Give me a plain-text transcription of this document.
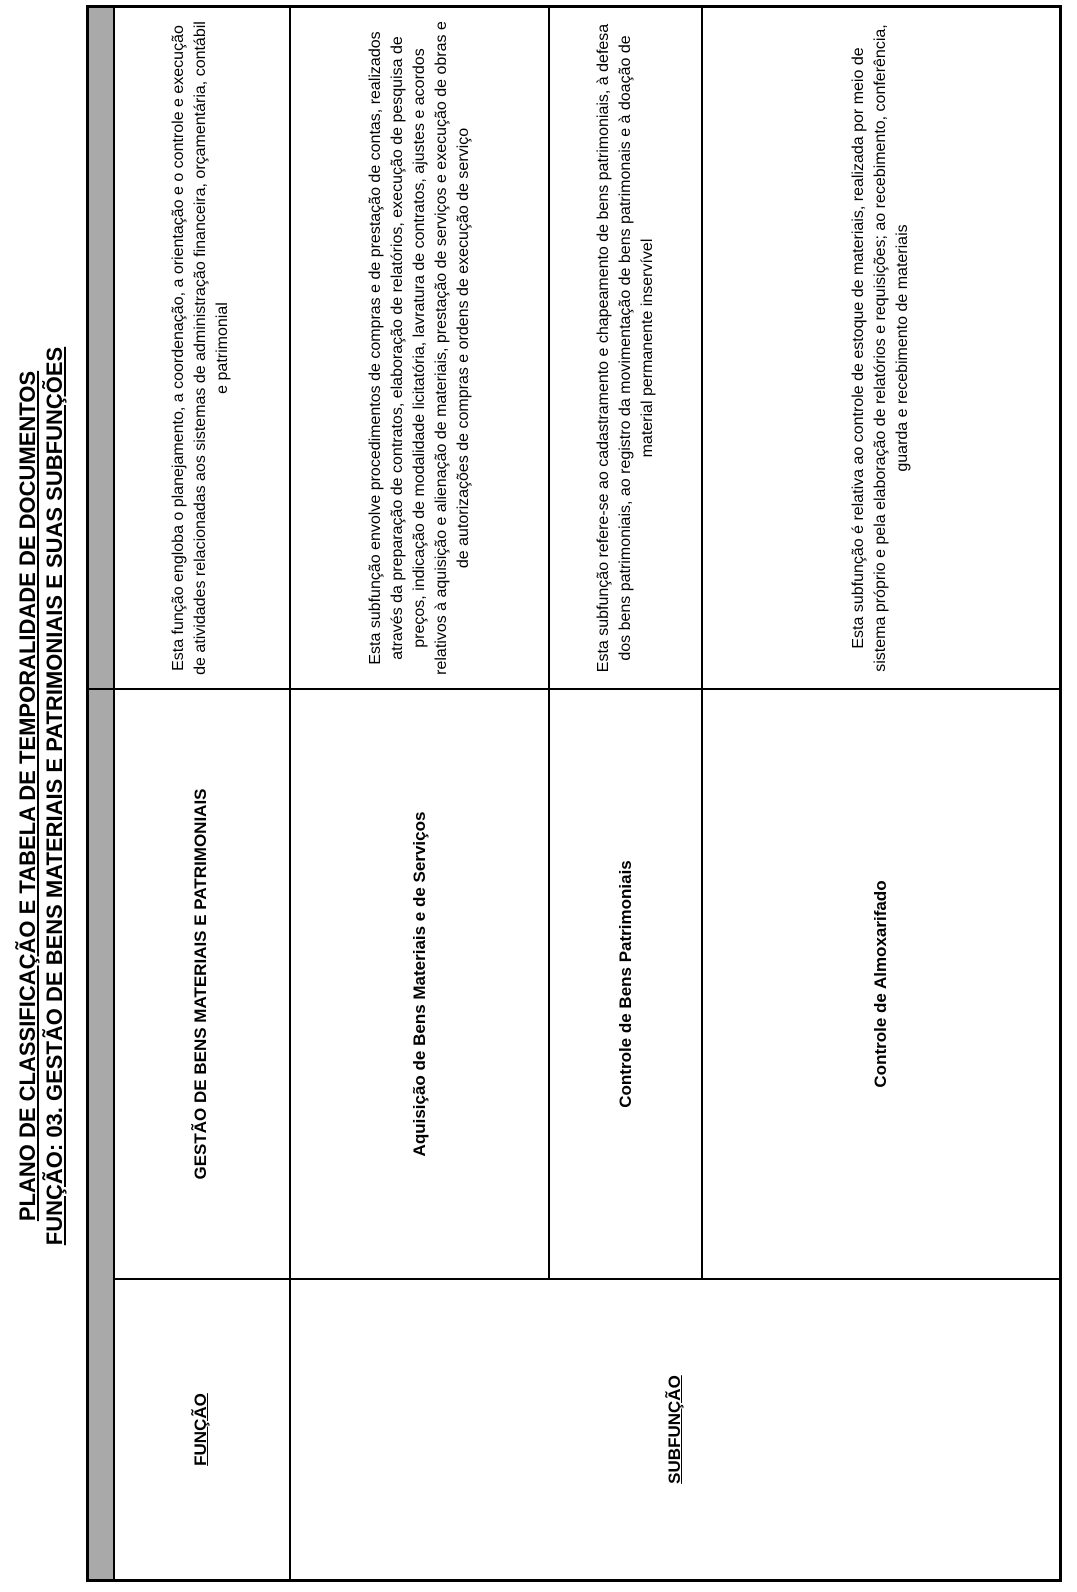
PLANO DE CLASSIFICAÇÃO E TABELA DE TEMPORALIDADE DE DOCUMENTOS FUNÇÃO: 03. GESTÃO DE BENS MATERIAIS E PATRIMONIAIS E SUAS SUBFUNÇÕES
FUNÇÃO
GESTÃO DE BENS MATERIAIS E PATRIMONIAIS
Esta função engloba o planejamento, a coordenação, a orientação e o controle e execução de atividades relacionadas aos sistemas de administração financeira, orçamentária, contábil e patrimonial
SUBFUNÇÃO
Aquisição de Bens Materiais e de Serviços
Esta subfunção envolve procedimentos de compras e de prestação de contas, realizados através da preparação de contratos, elaboração de relatórios, execução de pesquisa de preços, indicação de modalidade licitatória, lavratura de contratos, ajustes e acordos relativos à aquisição e alienação de materiais, prestação de serviços e execução de obras e de autorizações de compras e ordens de execução de serviço
Controle de Bens Patrimoniais
Esta subfunção refere-se ao cadastramento e chapeamento de bens patrimoniais, à defesa dos bens patrimoniais, ao registro da movimentação de bens patrimonais e à doação de material permanente inservível
Controle de Almoxarifado
Esta subfunção é relativa ao controle de estoque de materiais, realizada por meio de sistema próprio e pela elaboração de relatórios e requisições; ao recebimento, conferência, guarda e recebimento de materiais
